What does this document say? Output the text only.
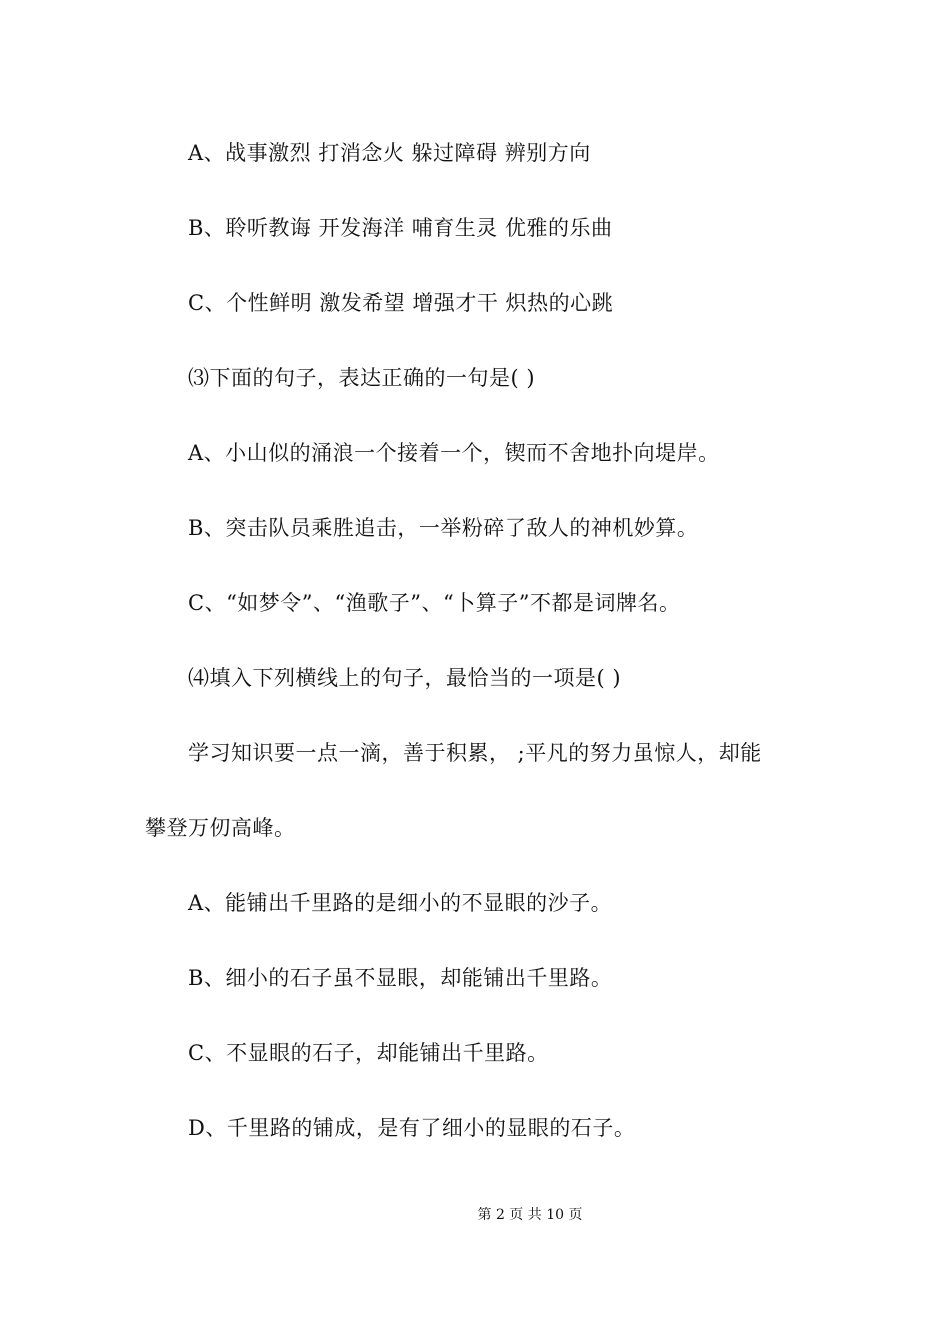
A、战事激烈 打消念火 躲过障碍 辨别方向
B、聆听教诲 开发海洋 哺育生灵 优雅的乐曲
C、个性鲜明 激发希望 增强才干 炽热的心跳
⑶下面的句子，表达正确的一句是( )
A、小山似的涌浪一个接着一个，锲而不舍地扑向堤岸。
B、突击队员乘胜追击，一举粉碎了敌人的神机妙算。
C、“如梦令”、“渔歌子”、“卜算子”不都是词牌名。
⑷填入下列横线上的句子，最恰当的一项是( )
学习知识要一点一滴，善于积累， ;平凡的努力虽惊人，却能
攀登万仞高峰。
A、能铺出千里路的是细小的不显眼的沙子。
B、细小的石子虽不显眼，却能铺出千里路。
C、不显眼的石子，却能铺出千里路。
D、千里路的铺成，是有了细小的显眼的石子。
第 2 页 共 10 页
